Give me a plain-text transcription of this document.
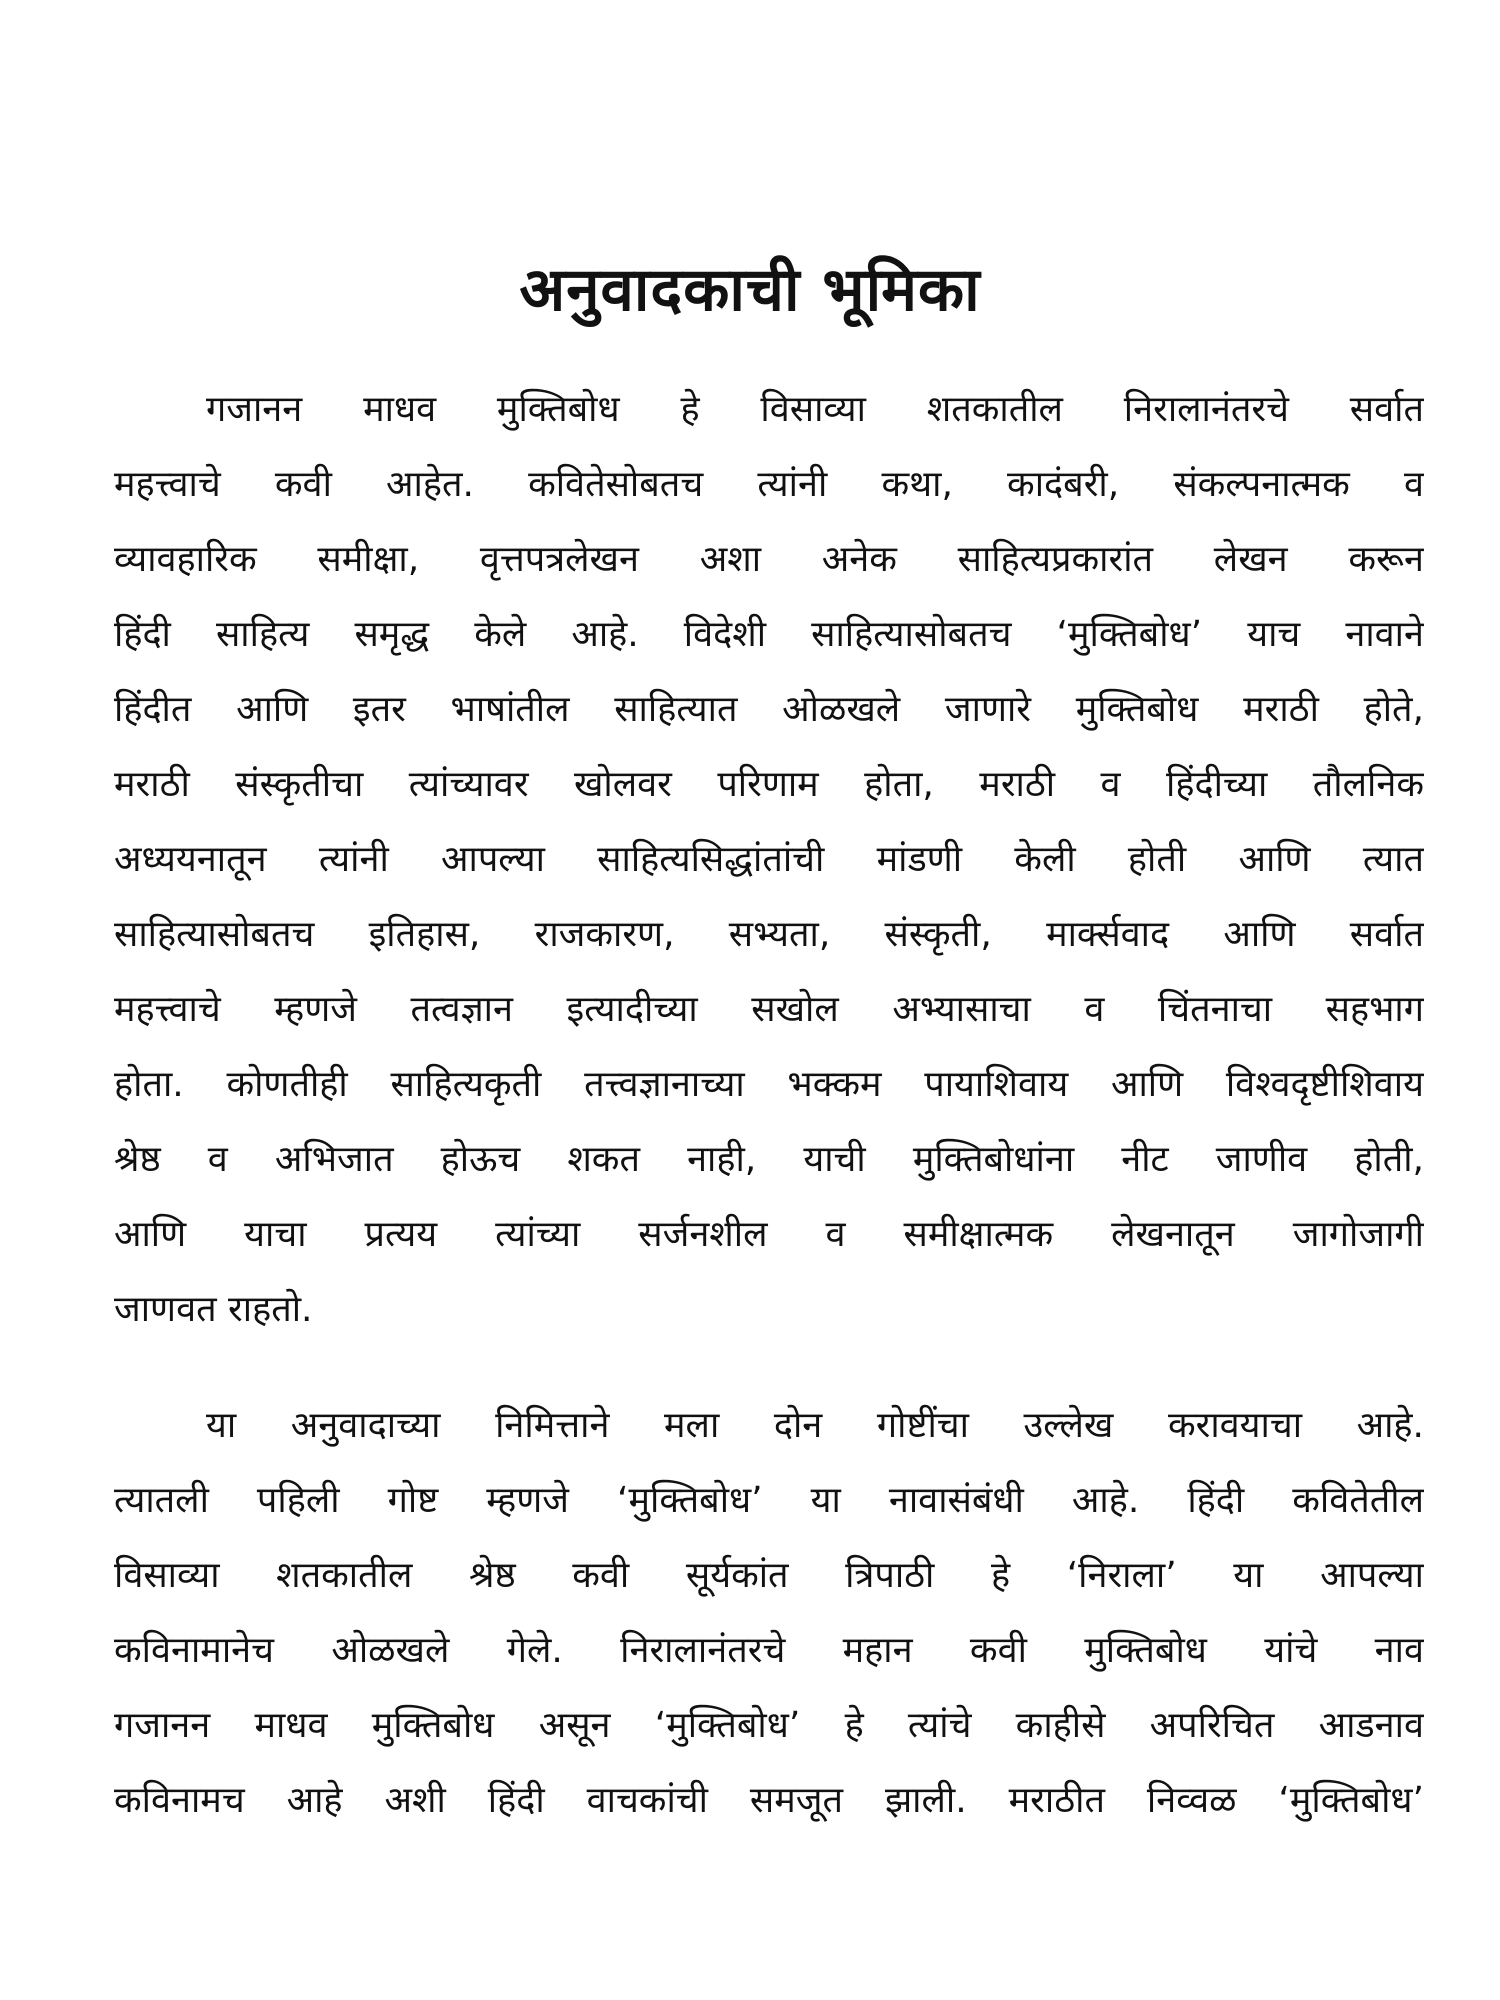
अनुवादकाची भूमिका
गजानन माधव मुक्तिबोध हे विसाव्या शतकातील निरालानंतरचे सर्वात
महत्त्वाचे कवी आहेत. कवितेसोबतच त्यांनी कथा, कादंबरी, संकल्पनात्मक व
व्यावहारिक समीक्षा, वृत्तपत्रलेखन अशा अनेक साहित्यप्रकारांत लेखन करून
हिंदी साहित्य समृद्ध केले आहे. विदेशी साहित्यासोबतच ‘मुक्तिबोध’ याच नावाने
हिंदीत आणि इतर भाषांतील साहित्यात ओळखले जाणारे मुक्तिबोध मराठी होते,
मराठी संस्कृतीचा त्यांच्यावर खोलवर परिणाम होता, मराठी व हिंदीच्या तौलनिक
अध्ययनातून त्यांनी आपल्या साहित्यसिद्धांतांची मांडणी केली होती आणि त्यात
साहित्यासोबतच इतिहास, राजकारण, सभ्यता, संस्कृती, मार्क्सवाद आणि सर्वात
महत्त्वाचे म्हणजे तत्वज्ञान इत्यादीच्या सखोल अभ्यासाचा व चिंतनाचा सहभाग
होता. कोणतीही साहित्यकृती तत्त्वज्ञानाच्या भक्कम पायाशिवाय आणि विश्वदृष्टीशिवाय
श्रेष्ठ व अभिजात होऊच शकत नाही, याची मुक्तिबोधांना नीट जाणीव होती,
आणि याचा प्रत्यय त्यांच्या सर्जनशील व समीक्षात्मक लेखनातून जागोजागी
जाणवत राहतो.
या अनुवादाच्या निमित्ताने मला दोन गोष्टींचा उल्लेख करावयाचा आहे.
त्यातली पहिली गोष्ट म्हणजे ‘मुक्तिबोध’ या नावासंबंधी आहे. हिंदी कवितेतील
विसाव्या शतकातील श्रेष्ठ कवी सूर्यकांत त्रिपाठी हे ‘निराला’ या आपल्या
कविनामानेच ओळखले गेले. निरालानंतरचे महान कवी मुक्तिबोध यांचे नाव
गजानन माधव मुक्तिबोध असून ‘मुक्तिबोध’ हे त्यांचे काहीसे अपरिचित आडनाव
कविनामच आहे अशी हिंदी वाचकांची समजूत झाली. मराठीत निव्वळ ‘मुक्तिबोध’
